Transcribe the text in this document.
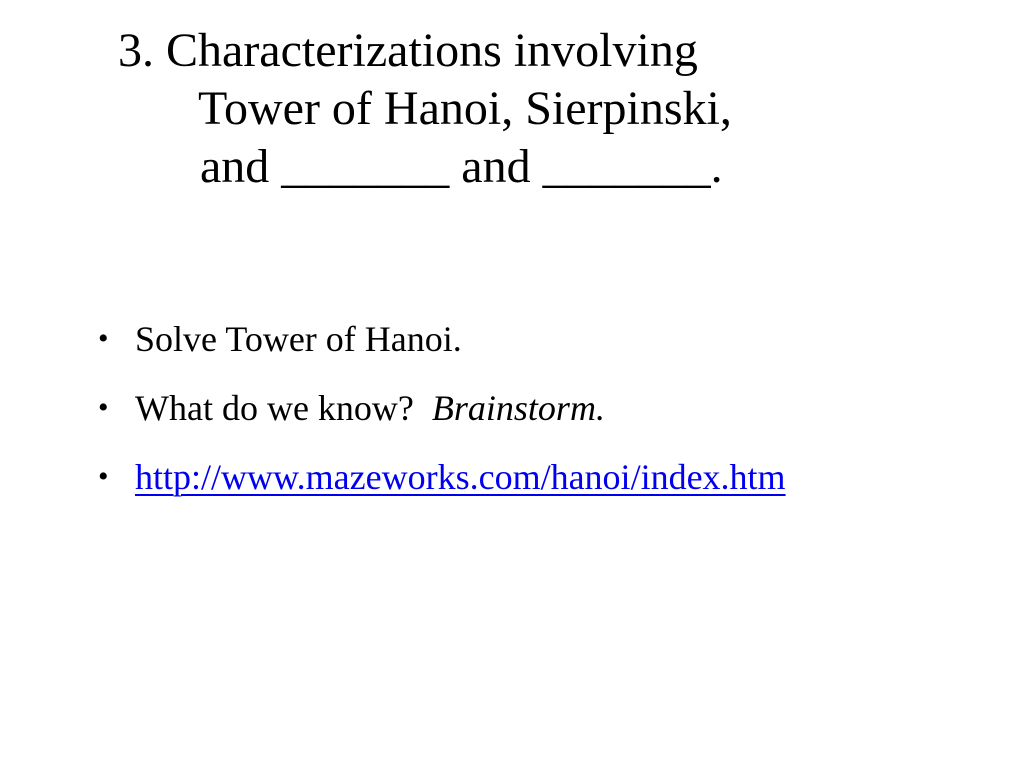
3. Characterizations involving
Tower of Hanoi, Sierpinski,
and _______ and _______.
• Solve Tower of Hanoi.
• What do we know?  Brainstorm.
• http://www.mazeworks.com/hanoi/index.htm
